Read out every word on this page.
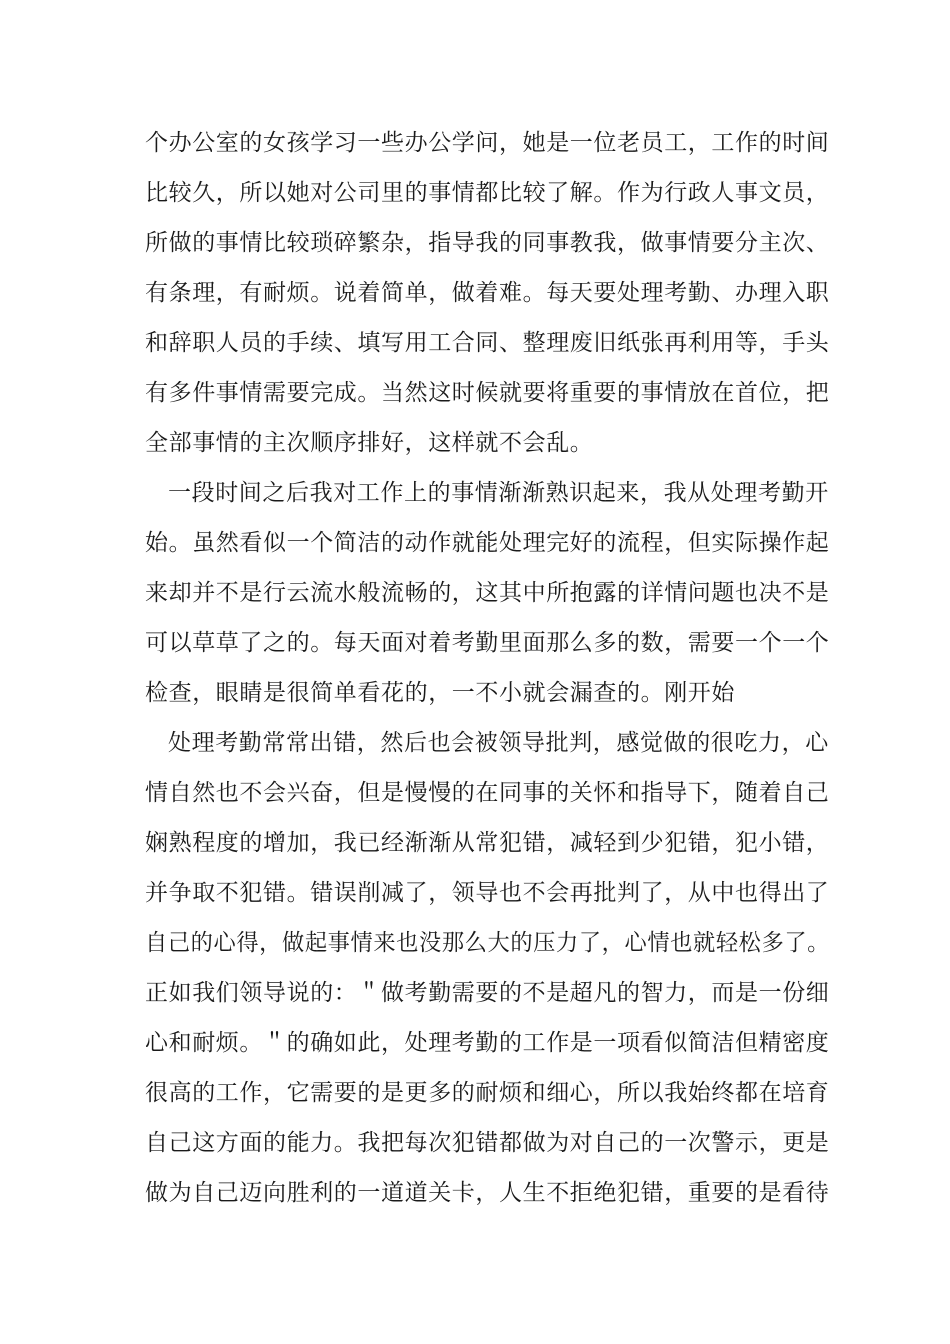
个办公室的女孩学习一些办公学问，她是一位老员工，工作的时间
比较久，所以她对公司里的事情都比较了解。作为行政人事文员，
所做的事情比较琐碎繁杂，指导我的同事教我，做事情要分主次、
有条理，有耐烦。说着简单，做着难。每天要处理考勤、办理入职
和辞职人员的手续、填写用工合同、整理废旧纸张再利用等，手头
有多件事情需要完成。当然这时候就要将重要的事情放在首位，把
全部事情的主次顺序排好，这样就不会乱。
一段时间之后我对工作上的事情渐渐熟识起来，我从处理考勤开
始。虽然看似一个简洁的动作就能处理完好的流程，但实际操作起
来却并不是行云流水般流畅的，这其中所抱露的详情问题也决不是
可以草草了之的。每天面对着考勤里面那么多的数，需要一个一个
检查，眼睛是很简单看花的，一不小就会漏查的。刚开始
处理考勤常常出错，然后也会被领导批判，感觉做的很吃力，心
情自然也不会兴奋，但是慢慢的在同事的关怀和指导下，随着自己
娴熟程度的增加，我已经渐渐从常犯错，减轻到少犯错，犯小错，
并争取不犯错。错误削减了，领导也不会再批判了，从中也得出了
自己的心得，做起事情来也没那么大的压力了，心情也就轻松多了。
正如我们领导说的：＂做考勤需要的不是超凡的智力，而是一份细
心和耐烦。＂的确如此，处理考勤的工作是一项看似简洁但精密度
很高的工作，它需要的是更多的耐烦和细心，所以我始终都在培育
自己这方面的能力。我把每次犯错都做为对自己的一次警示，更是
做为自己迈向胜利的一道道关卡，人生不拒绝犯错，重要的是看待
